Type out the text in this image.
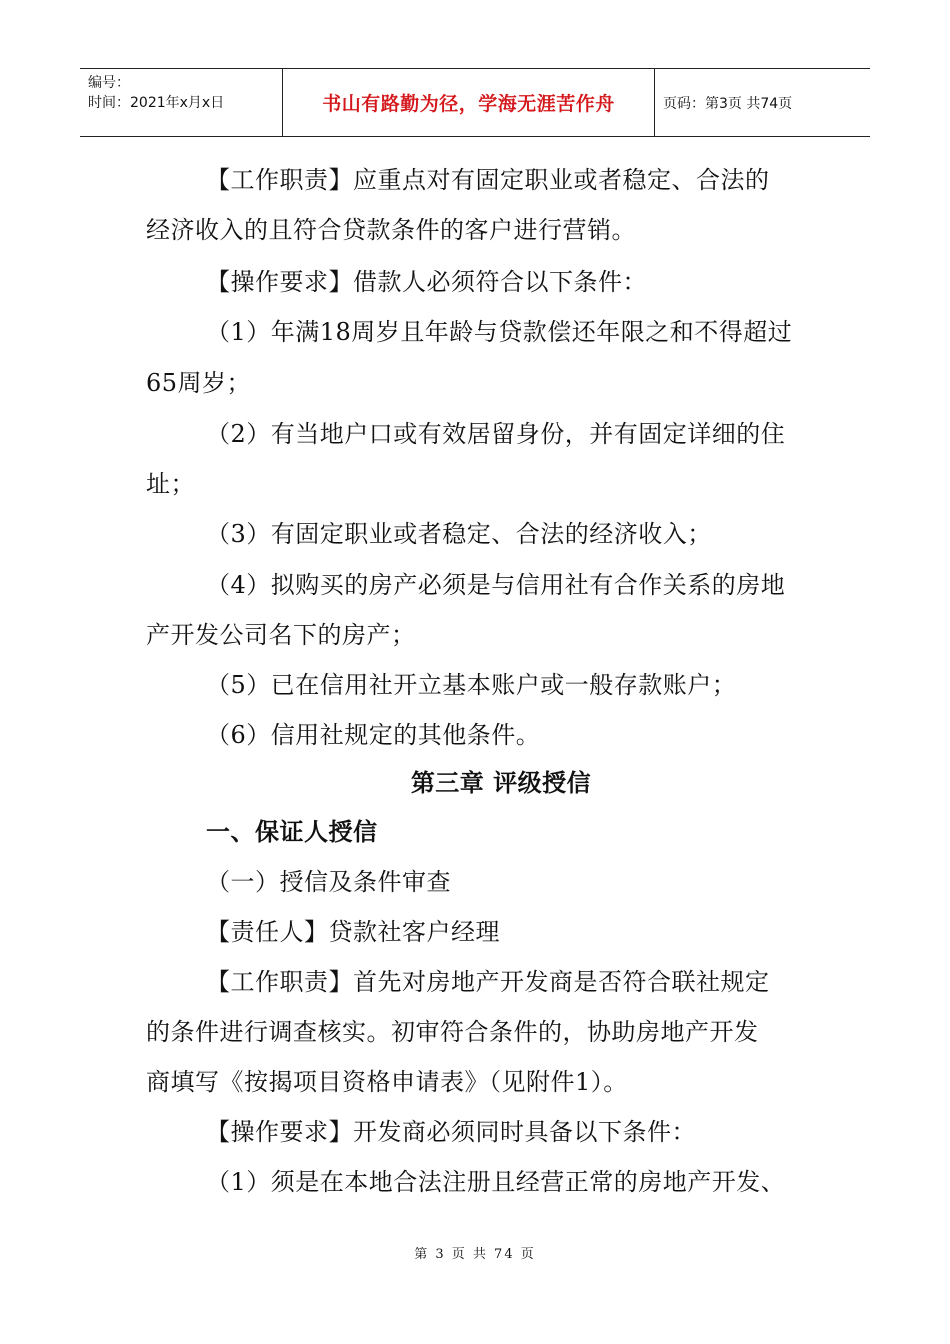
编号：
时间：2021年x月x日	书山有路勤为径，学海无涯苦作舟	页码：第3页 共74页
【工作职责】应重点对有固定职业或者稳定、合法的
经济收入的且符合贷款条件的客户进行营销。
【操作要求】借款人必须符合以下条件：
（1）年满18周岁且年龄与贷款偿还年限之和不得超过
65周岁；
（2）有当地户口或有效居留身份，并有固定详细的住
址；
（3）有固定职业或者稳定、合法的经济收入；
（4）拟购买的房产必须是与信用社有合作关系的房地
产开发公司名下的房产；
（5）已在信用社开立基本账户或一般存款账户；
（6）信用社规定的其他条件。
第三章 评级授信
一、保证人授信
（一）授信及条件审查
【责任人】贷款社客户经理
【工作职责】首先对房地产开发商是否符合联社规定
的条件进行调查核实。初审符合条件的，协助房地产开发
商填写《按揭项目资格申请表》（见附件1）。
【操作要求】开发商必须同时具备以下条件：
（1）须是在本地合法注册且经营正常的房地产开发、
第 3 页 共 74 页
